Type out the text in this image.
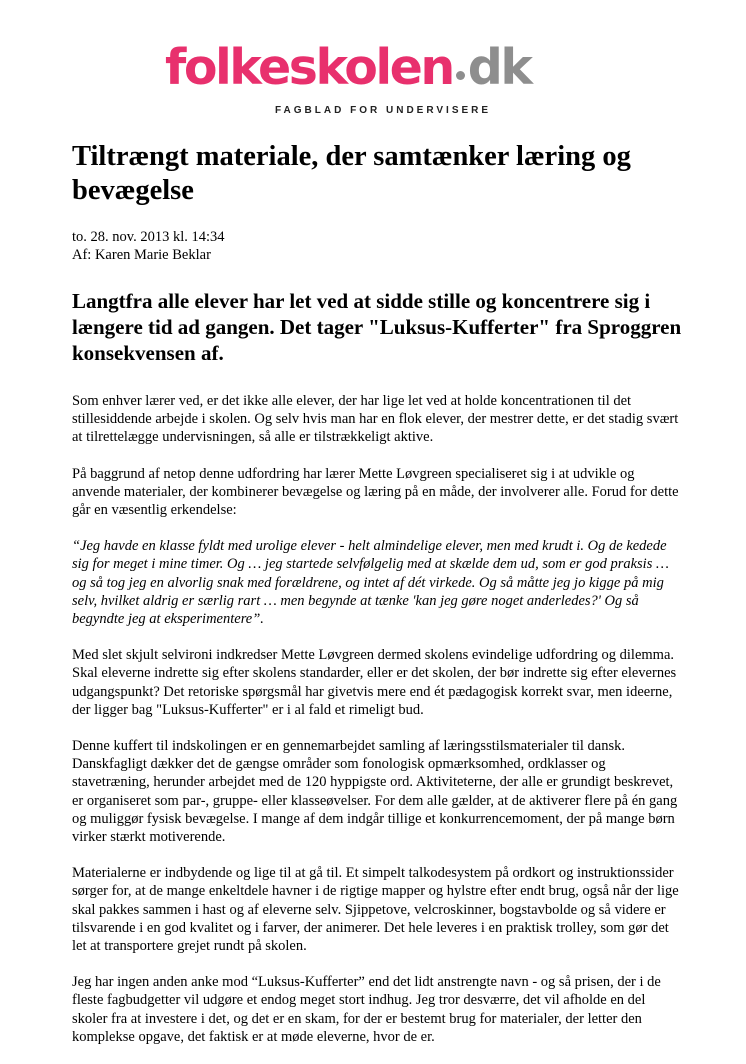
folkeskolen dk
FAGBLAD FOR UNDERVISERE
Tiltrængt materiale, der samtænker læring og bevægelse
to. 28. nov. 2013 kl. 14:34
Af: Karen Marie Beklar
Langtfra alle elever har let ved at sidde stille og koncentrere sig i længere tid ad gangen. Det tager "Luksus-Kufferter" fra Sproggren konsekvensen af.

Som enhver lærer ved, er det ikke alle elever, der har lige let ved at holde koncentrationen til det stillesiddende arbejde i skolen. Og selv hvis man har en flok elever, der mestrer dette, er det stadig svært at tilrettelægge undervisningen, så alle er tilstrækkeligt aktive.

På baggrund af netop denne udfordring har lærer Mette Løvgreen specialiseret sig i at udvikle og anvende materialer, der kombinerer bevægelse og læring på en måde, der involverer alle. Forud for dette går en væsentlig erkendelse:

“Jeg havde en klasse fyldt med urolige elever - helt almindelige elever, men med krudt i. Og de kedede sig for meget i mine timer. Og … jeg startede selvfølgelig med at skælde dem ud, som er god praksis … og så tog jeg en alvorlig snak med forældrene, og intet af dét virkede. Og så måtte jeg jo kigge på mig selv, hvilket aldrig er særlig rart … men begynde at tænke 'kan jeg gøre noget anderledes?' Og så begyndte jeg at eksperimentere”.

Med slet skjult selvironi indkredser Mette Løvgreen dermed skolens evindelige udfordring og dilemma. Skal eleverne indrette sig efter skolens standarder, eller er det skolen, der bør indrette sig efter elevernes udgangspunkt? Det retoriske spørgsmål har givetvis mere end ét pædagogisk korrekt svar, men ideerne, der ligger bag "Luksus-Kufferter" er i al fald et rimeligt bud.

Denne kuffert til indskolingen er en gennemarbejdet samling af læringsstilsmaterialer til dansk. Danskfagligt dækker det de gængse områder som fonologisk opmærksomhed, ordklasser og stavetræning, herunder arbejdet med de 120 hyppigste ord. Aktiviteterne, der alle er grundigt beskrevet, er organiseret som par-, gruppe- eller klasseøvelser. For dem alle gælder, at de aktiverer flere på én gang og muliggør fysisk bevægelse. I mange af dem indgår tillige et konkurrencemoment, der på mange børn virker stærkt motiverende.

Materialerne er indbydende og lige til at gå til. Et simpelt talkodesystem på ordkort og instruktionssider sørger for, at de mange enkeltdele havner i de rigtige mapper og hylstre efter endt brug, også når der lige skal pakkes sammen i hast og af eleverne selv. Sjippetove, velcroskinner, bogstavbolde og så videre er tilsvarende i en god kvalitet og i farver, der animerer. Det hele leveres i en praktisk trolley, som gør det let at transportere grejet rundt på skolen.

Jeg har ingen anden anke mod “Luksus-Kufferter” end det lidt anstrengte navn - og så prisen, der i de fleste fagbudgetter vil udgøre et endog meget stort indhug. Jeg tror desværre, det vil afholde en del skoler fra at investere i det, og det er en skam, for der er bestemt brug for materialer, der letter den komplekse opgave, det faktisk er at møde eleverne, hvor de er.
